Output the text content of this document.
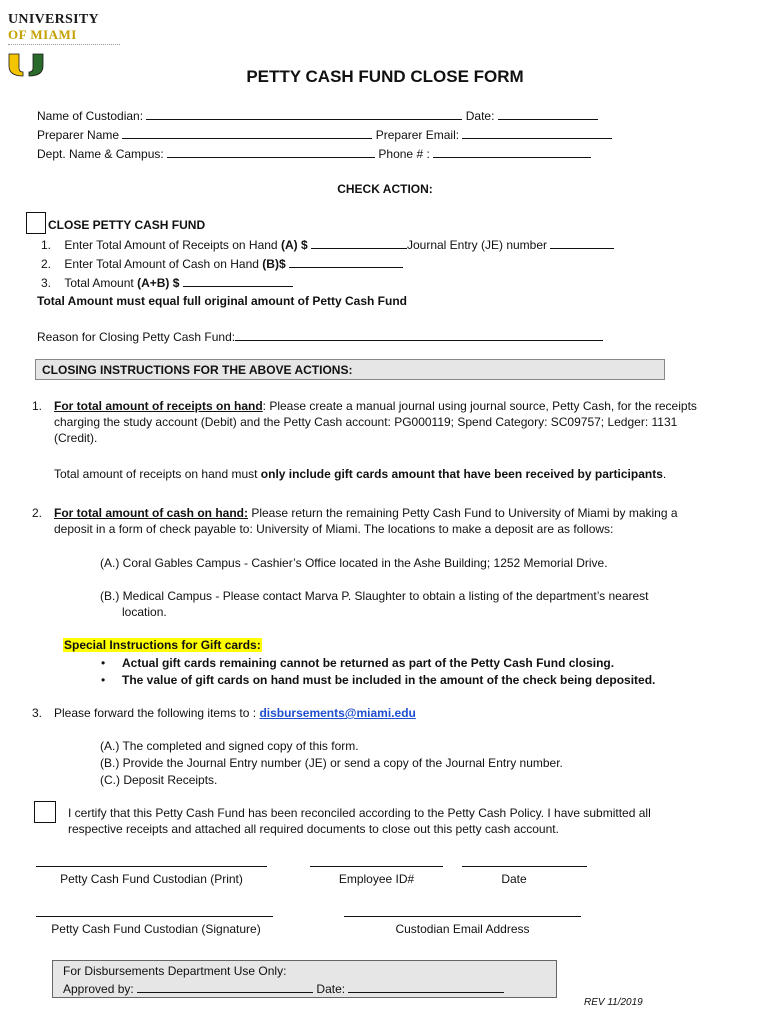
UNIVERSITY
OF MIAMI
PETTY CASH FUND CLOSE FORM
Name of Custodian:	Date:
Preparer Name	Preparer Email:
Dept. Name & Campus:	Phone # :
CHECK ACTION:
CLOSE PETTY CASH FUND
1. Enter Total Amount of Receipts on Hand (A) $	Journal Entry (JE) number
2. Enter Total Amount of Cash on Hand (B)$
3. Total Amount (A+B) $
Total Amount must equal full original amount of Petty Cash Fund
Reason for Closing Petty Cash Fund:
CLOSING INSTRUCTIONS FOR THE ABOVE ACTIONS:
1. For total amount of receipts on hand: Please create a manual journal using journal source, Petty Cash, for the receipts charging the study account (Debit) and the Petty Cash account: PG000119; Spend Category: SC09757; Ledger: 1131 (Credit).
Total amount of receipts on hand must only include gift cards amount that have been received by participants.
2. For total amount of cash on hand: Please return the remaining Petty Cash Fund to University of Miami by making a deposit in a form of check payable to: University of Miami. The locations to make a deposit are as follows:
(A.) Coral Gables Campus - Cashier’s Office located in the Ashe Building; 1252 Memorial Drive.
(B.) Medical Campus - Please contact Marva P. Slaughter to obtain a listing of the department’s nearest location.
Special Instructions for Gift cards:
• Actual gift cards remaining cannot be returned as part of the Petty Cash Fund closing.
• The value of gift cards on hand must be included in the amount of the check being deposited.
3. Please forward the following items to : disbursements@miami.edu
(A.) The completed and signed copy of this form.
(B.) Provide the Journal Entry number (JE) or send a copy of the Journal Entry number.
(C.) Deposit Receipts.
I certify that this Petty Cash Fund has been reconciled according to the Petty Cash Policy. I have submitted all respective receipts and attached all required documents to close out this petty cash account.
Petty Cash Fund Custodian (Print)	Employee ID#	Date
Petty Cash Fund Custodian (Signature)	Custodian Email Address
For Disbursements Department Use Only:
Approved by:	Date:
REV 11/2019
